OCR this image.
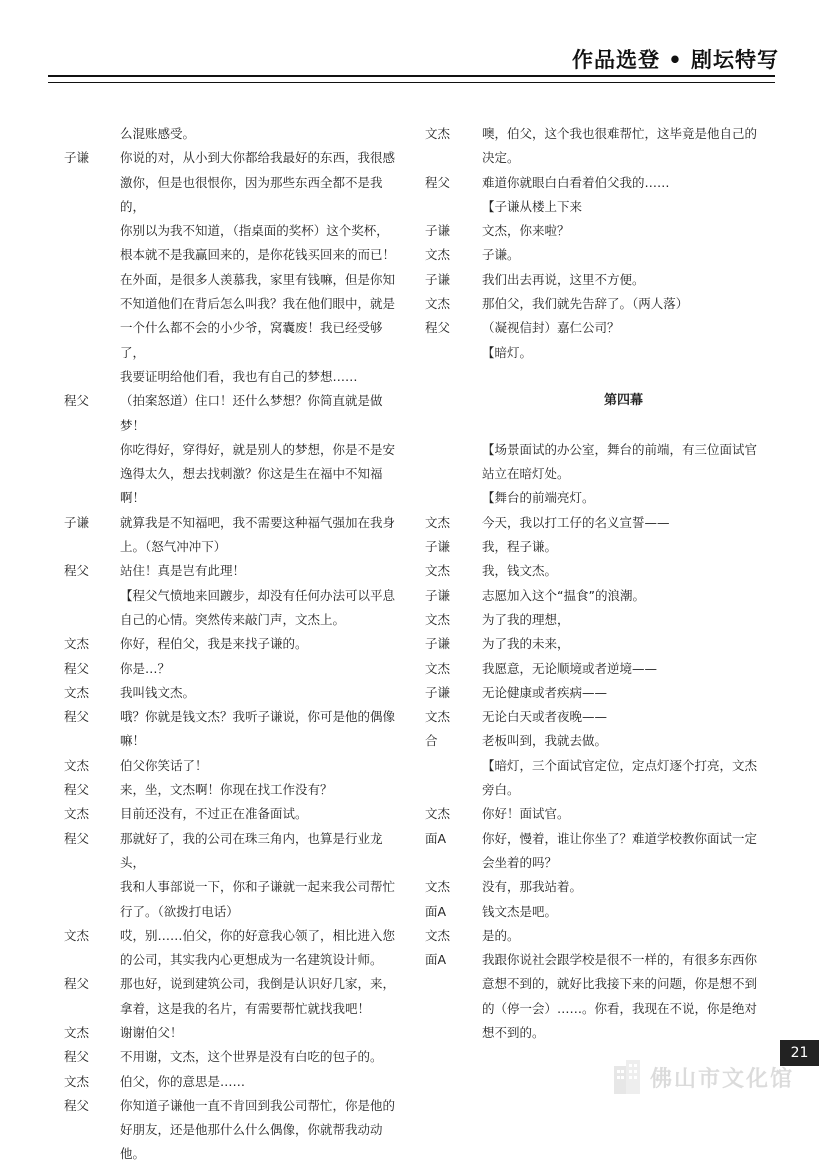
作品选登 • 剧坛特写
么混账感受。
子谦	你说的对，从小到大你都给我最好的东西，我很感
激你，但是也很恨你，因为那些东西全都不是我的，
你别以为我不知道，（指桌面的奖杯）这个奖杯，
根本就不是我赢回来的，是你花钱买回来的而已！
在外面，是很多人羡慕我，家里有钱嘛，但是你知
不知道他们在背后怎么叫我？我在他们眼中，就是
一个什么都不会的小少爷，窝囊废！我已经受够了，
我要证明给他们看，我也有自己的梦想……
程父	（拍案怒道）住口！还什么梦想？你简直就是做梦！
你吃得好，穿得好，就是别人的梦想，你是不是安
逸得太久，想去找刺激？你这是生在福中不知福
啊！
子谦	就算我是不知福吧，我不需要这种福气强加在我身
上。（怒气冲冲下）
程父	站住！真是岂有此理！
【程父气愤地来回踱步，却没有任何办法可以平息
自己的心情。突然传来敲门声，文杰上。
文杰	你好，程伯父，我是来找子谦的。
程父	你是…？
文杰	我叫钱文杰。
程父	哦？你就是钱文杰？我听子谦说，你可是他的偶像
嘛！
文杰	伯父你笑话了！
程父	来，坐，文杰啊！你现在找工作没有？
文杰	目前还没有，不过正在准备面试。
程父	那就好了，我的公司在珠三角内，也算是行业龙头，
我和人事部说一下，你和子谦就一起来我公司帮忙
行了。（欲拨打电话）
文杰	哎，别……伯父，你的好意我心领了，相比进入您
的公司，其实我内心更想成为一名建筑设计师。
程父	那也好，说到建筑公司，我倒是认识好几家，来，
拿着，这是我的名片，有需要帮忙就找我吧！
文杰	谢谢伯父！
程父	不用谢，文杰，这个世界是没有白吃的包子的。
文杰	伯父，你的意思是……
程父	你知道子谦他一直不肯回到我公司帮忙，你是他的
好朋友，还是他那什么什么偶像，你就帮我动动他。
文杰	噢，伯父，这个我也很难帮忙，这毕竟是他自己的
决定。
程父	难道你就眼白白看着伯父我的……
【子谦从楼上下来
子谦	文杰，你来啦？
文杰	子谦。
子谦	我们出去再说，这里不方便。
文杰	那伯父，我们就先告辞了。（两人落）
程父	（凝视信封）嘉仁公司？
【暗灯。
第四幕
【场景面试的办公室，舞台的前端，有三位面试官
站立在暗灯处。
【舞台的前端亮灯。
文杰	今天，我以打工仔的名义宣誓——
子谦	我，程子谦。
文杰	我，钱文杰。
子谦	志愿加入这个“揾食”的浪潮。
文杰	为了我的理想，
子谦	为了我的未来，
文杰	我愿意，无论顺境或者逆境——
子谦	无论健康或者疾病——
文杰	无论白天或者夜晚——
合	老板叫到，我就去做。
【暗灯，三个面试官定位，定点灯逐个打亮，文杰
旁白。
文杰	你好！面试官。
面A	你好，慢着，谁让你坐了？难道学校教你面试一定
会坐着的吗？
文杰	没有，那我站着。
面A	钱文杰是吧。
文杰	是的。
面A	我跟你说社会跟学校是很不一样的，有很多东西你
意想不到的，就好比我接下来的问题，你是想不到
的（停一会）……。你看，我现在不说，你是绝对
想不到的。
21
佛山市文化馆
